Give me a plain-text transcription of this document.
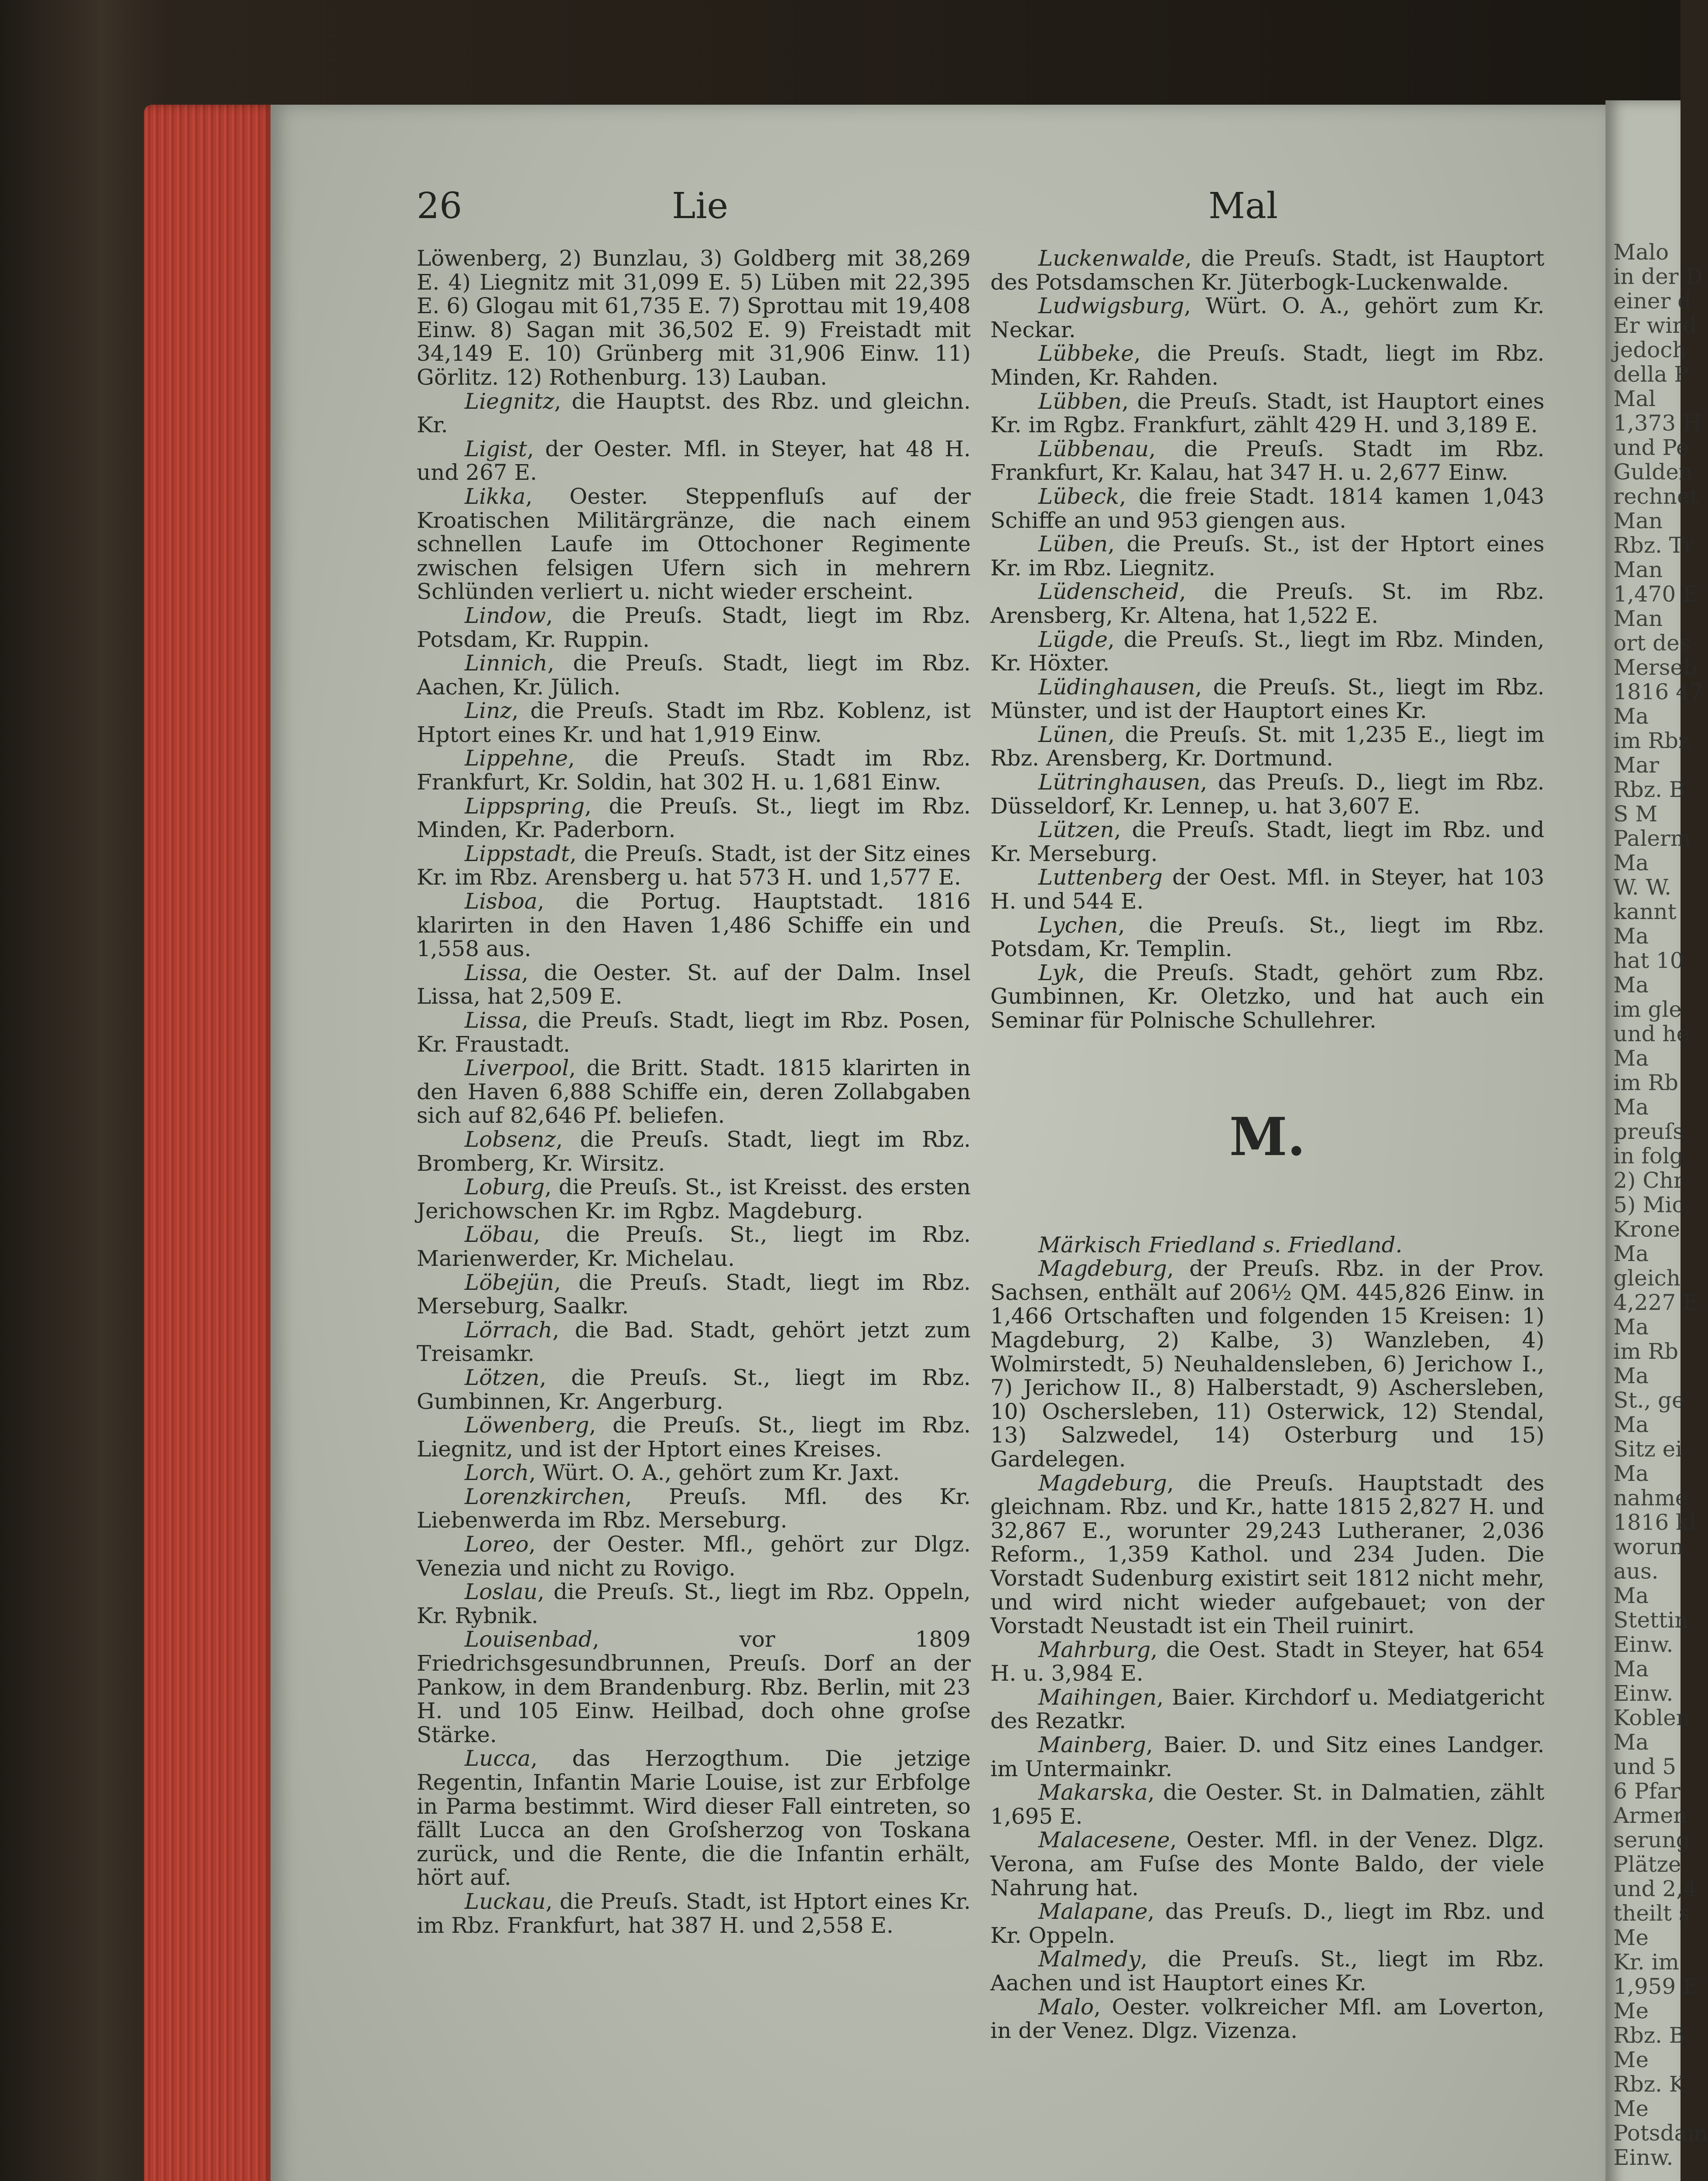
26	Lie	Mal

Löwenberg, 2) Bunzlau, 3) Goldberg mit 38,269 E. 4) Liegnitz mit 31,099 E. 5) Lüben mit 22,395 E. 6) Glogau mit 61,735 E. 7) Sprottau mit 19,408 Einw. 8) Sagan mit 36,502 E. 9) Freistadt mit 34,149 E. 10) Grünberg mit 31,906 Einw. 11) Görlitz. 12) Rothenburg. 13) Lauban.

Liegnitz, die Hauptst. des Rbz. und gleichn. Kr.

Ligist, der Oester. Mfl. in Steyer, hat 48 H. und 267 E.

Likka, Oester. Steppenfluſs auf der Kroatischen Militärgränze, die nach einem schnellen Laufe im Ottochoner Regimente zwischen felsigen Ufern sich in mehrern Schlünden verliert u. nicht wieder erscheint.

Lindow, die Preuſs. Stadt, liegt im Rbz. Potsdam, Kr. Ruppin.

Linnich, die Preuſs. Stadt, liegt im Rbz. Aachen, Kr. Jülich.

Linz, die Preuſs. Stadt im Rbz. Koblenz, ist Hptort eines Kr. und hat 1,919 Einw.

Lippehne, die Preuſs. Stadt im Rbz. Frankfurt, Kr. Soldin, hat 302 H. u. 1,681 Einw.

Lippspring, die Preuſs. St., liegt im Rbz. Minden, Kr. Paderborn.

Lippstadt, die Preuſs. Stadt, ist der Sitz eines Kr. im Rbz. Arensberg u. hat 573 H. und 1,577 E.

Lisboa, die Portug. Hauptstadt. 1816 klarirten in den Haven 1,486 Schiffe ein und 1,558 aus.

Lissa, die Oester. St. auf der Dalm. Insel Lissa, hat 2,509 E.

Lissa, die Preuſs. Stadt, liegt im Rbz. Posen, Kr. Fraustadt.

Liverpool, die Britt. Stadt. 1815 klarirten in den Haven 6,888 Schiffe ein, deren Zollabgaben sich auf 82,646 Pf. beliefen.

Lobsenz, die Preuſs. Stadt, liegt im Rbz. Bromberg, Kr. Wirsitz.

Loburg, die Preuſs. St., ist Kreisst. des ersten Jerichowschen Kr. im Rgbz. Magdeburg.

Löbau, die Preuſs. St., liegt im Rbz. Marienwerder, Kr. Michelau.

Löbejün, die Preuſs. Stadt, liegt im Rbz. Merseburg, Saalkr.

Lörrach, die Bad. Stadt, gehört jetzt zum Treisamkr.

Lötzen, die Preuſs. St., liegt im Rbz. Gumbinnen, Kr. Angerburg.

Löwenberg, die Preuſs. St., liegt im Rbz. Liegnitz, und ist der Hptort eines Kreises.

Lorch, Würt. O. A., gehört zum Kr. Jaxt.

Lorenzkirchen, Preuſs. Mfl. des Kr. Liebenwerda im Rbz. Merseburg.

Loreo, der Oester. Mfl., gehört zur Dlgz. Venezia und nicht zu Rovigo.

Loslau, die Preuſs. St., liegt im Rbz. Oppeln, Kr. Rybnik.

Louisenbad, vor 1809 Friedrichsgesundbrunnen, Preuſs. Dorf an der Pankow, in dem Brandenburg. Rbz. Berlin, mit 23 H. und 105 Einw. Heilbad, doch ohne groſse Stärke.

Lucca, das Herzogthum. Die jetzige Regentin, Infantin Marie Louise, ist zur Erbfolge in Parma bestimmt. Wird dieser Fall eintreten, so fällt Lucca an den Groſsherzog von Toskana zurück, und die Rente, die die Infantin erhält, hört auf.

Luckau, die Preuſs. Stadt, ist Hptort eines Kr. im Rbz. Frankfurt, hat 387 H. und 2,558 E.

Luckenwalde, die Preuſs. Stadt, ist Hauptort des Potsdamschen Kr. Jüterbogk-Luckenwalde.

Ludwigsburg, Würt. O. A., gehört zum Kr. Neckar.

Lübbeke, die Preuſs. Stadt, liegt im Rbz. Minden, Kr. Rahden.

Lübben, die Preuſs. Stadt, ist Hauptort eines Kr. im Rgbz. Frankfurt, zählt 429 H. und 3,189 E.

Lübbenau, die Preuſs. Stadt im Rbz. Frankfurt, Kr. Kalau, hat 347 H. u. 2,677 Einw.

Lübeck, die freie Stadt. 1814 kamen 1,043 Schiffe an und 953 giengen aus.

Lüben, die Preuſs. St., ist der Hptort eines Kr. im Rbz. Liegnitz.

Lüdenscheid, die Preuſs. St. im Rbz. Arensberg, Kr. Altena, hat 1,522 E.

Lügde, die Preuſs. St., liegt im Rbz. Minden, Kr. Höxter.

Lüdinghausen, die Preuſs. St., liegt im Rbz. Münster, und ist der Hauptort eines Kr.

Lünen, die Preuſs. St. mit 1,235 E., liegt im Rbz. Arensberg, Kr. Dortmund.

Lütringhausen, das Preuſs. D., liegt im Rbz. Düsseldorf, Kr. Lennep, u. hat 3,607 E.

Lützen, die Preuſs. Stadt, liegt im Rbz. und Kr. Merseburg.

Luttenberg der Oest. Mfl. in Steyer, hat 103 H. und 544 E.

Lychen, die Preuſs. St., liegt im Rbz. Potsdam, Kr. Templin.

Lyk, die Preuſs. Stadt, gehört zum Rbz. Gumbinnen, Kr. Oletzko, und hat auch ein Seminar für Polnische Schullehrer.

M.

Märkisch Friedland s. Friedland.

Magdeburg, der Preuſs. Rbz. in der Prov. Sachsen, enthält auf 206½ QM. 445,826 Einw. in 1,466 Ortschaften und folgenden 15 Kreisen: 1) Magdeburg, 2) Kalbe, 3) Wanzleben, 4) Wolmirstedt, 5) Neuhaldensleben, 6) Jerichow I., 7) Jerichow II., 8) Halberstadt, 9) Aschersleben, 10) Oschersleben, 11) Osterwick, 12) Stendal, 13) Salzwedel, 14) Osterburg und 15) Gardelegen.

Magdeburg, die Preuſs. Hauptstadt des gleichnam. Rbz. und Kr., hatte 1815 2,827 H. und 32,867 E., worunter 29,243 Lutheraner, 2,036 Reform., 1,359 Kathol. und 234 Juden. Die Vorstadt Sudenburg existirt seit 1812 nicht mehr, und wird nicht wieder aufgebauet; von der Vorstadt Neustadt ist ein Theil ruinirt.

Mahrburg, die Oest. Stadt in Steyer, hat 654 H. u. 3,984 E.

Maihingen, Baier. Kirchdorf u. Mediatgericht des Rezatkr.

Mainberg, Baier. D. und Sitz eines Landger. im Untermainkr.

Makarska, die Oester. St. in Dalmatien, zählt 1,695 E.

Malacesene, Oester. Mfl. in der Venez. Dlgz. Verona, am Fuſse des Monte Baldo, der viele Nahrung hat.

Malapane, das Preuſs. D., liegt im Rbz. und Kr. Oppeln.

Malmedy, die Preuſs. St., liegt im Rbz. Aachen und ist Hauptort eines Kr.

Malo, Oester. volkreicher Mfl. am Loverton, in der Venez. Dlgz. Vizenza.

Malo
in der D
einer d
Er wird
jedoch
della P
Mal
1,373 H
und Pe
Gulden
rechnet
Man
Rbz. Tr
Man
1,470 E
Man
ort des
Merseb
1816 47
Ma
im Rbz
Mar
Rbz. B
S M
Palerm
Ma
W. W.
kannt
Ma
hat 10
Ma
im gle
und he
Ma
im Rb
Ma
preuſs
in folg
2) Chr
5) Mic
Krone
Ma
gleich
4,227 E
Ma
im Rb
Ma
St., ge
Ma
Sitz ei
Ma
nahme
1816 kl
worun
aus.
Ma
Stettin
Einw.
Ma
Einw.
Koblen
Ma
und 5
6 Pfar
Armen
serung
Plätze
und 2,4
theilt s
Me
Kr. im
1,959 E
Me
Rbz. B
Me
Rbz. K
Me
Potsdam
Einw.
